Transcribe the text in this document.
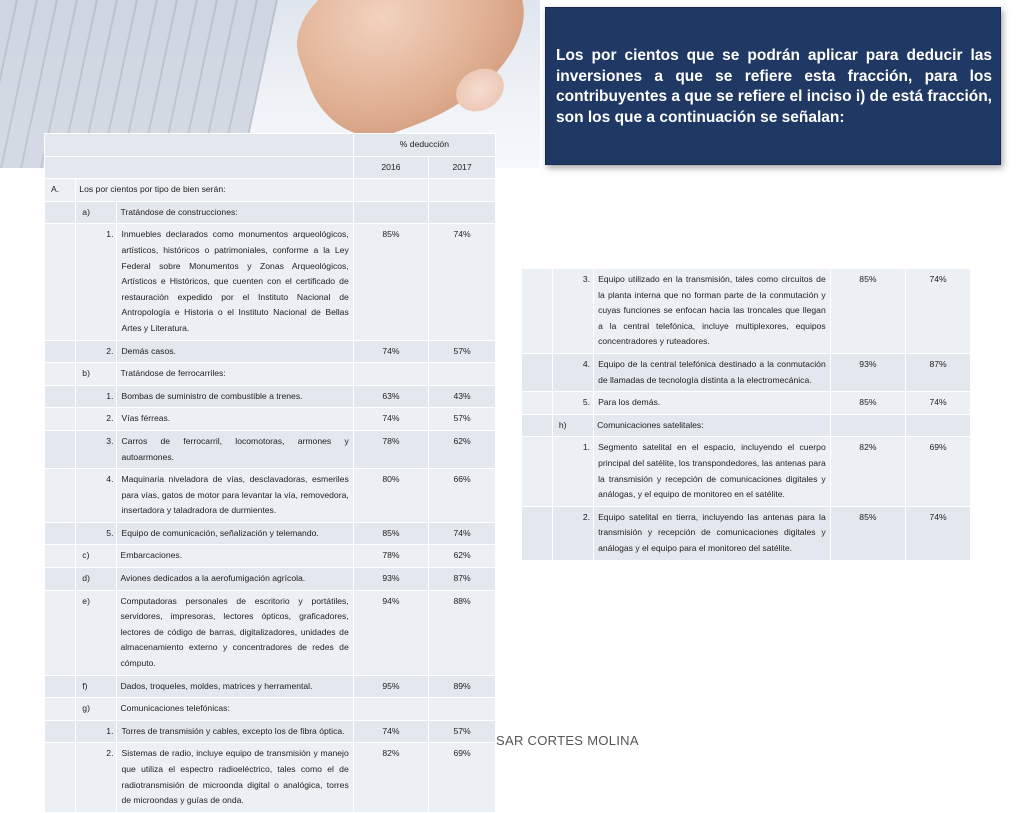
Los por cientos que se podrán aplicar para deducir las inversiones a que se refiere esta fracción, para los contribuyentes a que se refiere el inciso i) de está fracción, son los que a continuación se señalan:

			% deducción	
			2016	2017
A.	Los por cientos por tipo de bien serán:			
	a)	Tratándose de construcciones:		
	1.	Inmuebles declarados como monumentos arqueológicos, artísticos, históricos o patrimoniales, conforme a la Ley Federal sobre Monumentos y Zonas Arqueológicos, Artísticos e Históricos, que cuenten con el certificado de restauración expedido por el Instituto Nacional de Antropología e Historia o el Instituto Nacional de Bellas Artes y Literatura.	85%	74%
	2.	Demás casos.	74%	57%
	b)	Tratándose de ferrocarriles:		
	1.	Bombas de suministro de combustible a trenes.	63%	43%
	2.	Vías férreas.	74%	57%
	3.	Carros de ferrocarril, locomotoras, armones y autoarmones.	78%	62%
	4.	Maquinaria niveladora de vías, desclavadoras, esmeriles para vías, gatos de motor para levantar la vía, removedora, insertadora y taladradora de durmientes.	80%	66%
	5.	Equipo de comunicación, señalización y telemando.	85%	74%
	c)	Embarcaciones.	78%	62%
	d)	Aviones dedicados a la aerofumigación agrícola.	93%	87%
	e)	Computadoras personales de escritorio y portátiles, servidores, impresoras, lectores ópticos, graficadores, lectores de código de barras, digitalizadores, unidades de almacenamiento externo y concentradores de redes de cómputo.	94%	88%
	f)	Dados, troqueles, moldes, matrices y herramental.	95%	89%
	g)	Comunicaciones telefónicas:		
	1.	Torres de transmisión y cables, excepto los de fibra óptica.	74%	57%
	2.	Sistemas de radio, incluye equipo de transmisión y manejo que utiliza el espectro radioeléctrico, tales como el de radiotransmisión de microonda digital o analógica, torres de microondas y guías de onda.	82%	69%
	3.	Equipo utilizado en la transmisión, tales como circuitos de la planta interna que no forman parte de la conmutación y cuyas funciones se enfocan hacia las troncales que llegan a la central telefónica, incluye multiplexores, equipos concentradores y ruteadores.	85%	74%
	4.	Equipo de la central telefónica destinado a la conmutación de llamadas de tecnología distinta a la electromecánica.	93%	87%
	5.	Para los demás.	85%	74%
	h)	Comunicaciones satelitales:		
	1.	Segmento satelital en el espacio, incluyendo el cuerpo principal del satélite, los transpondedores, las antenas para la transmisión y recepción de comunicaciones digitales y análogas, y el equipo de monitoreo en el satélite.	82%	69%
	2.	Equipo satelital en tierra, incluyendo las antenas para la transmisión y recepción de comunicaciones digitales y análogas y el equipo para el monitoreo del satélite.	85%	74%
SAR CORTES MOLINA
